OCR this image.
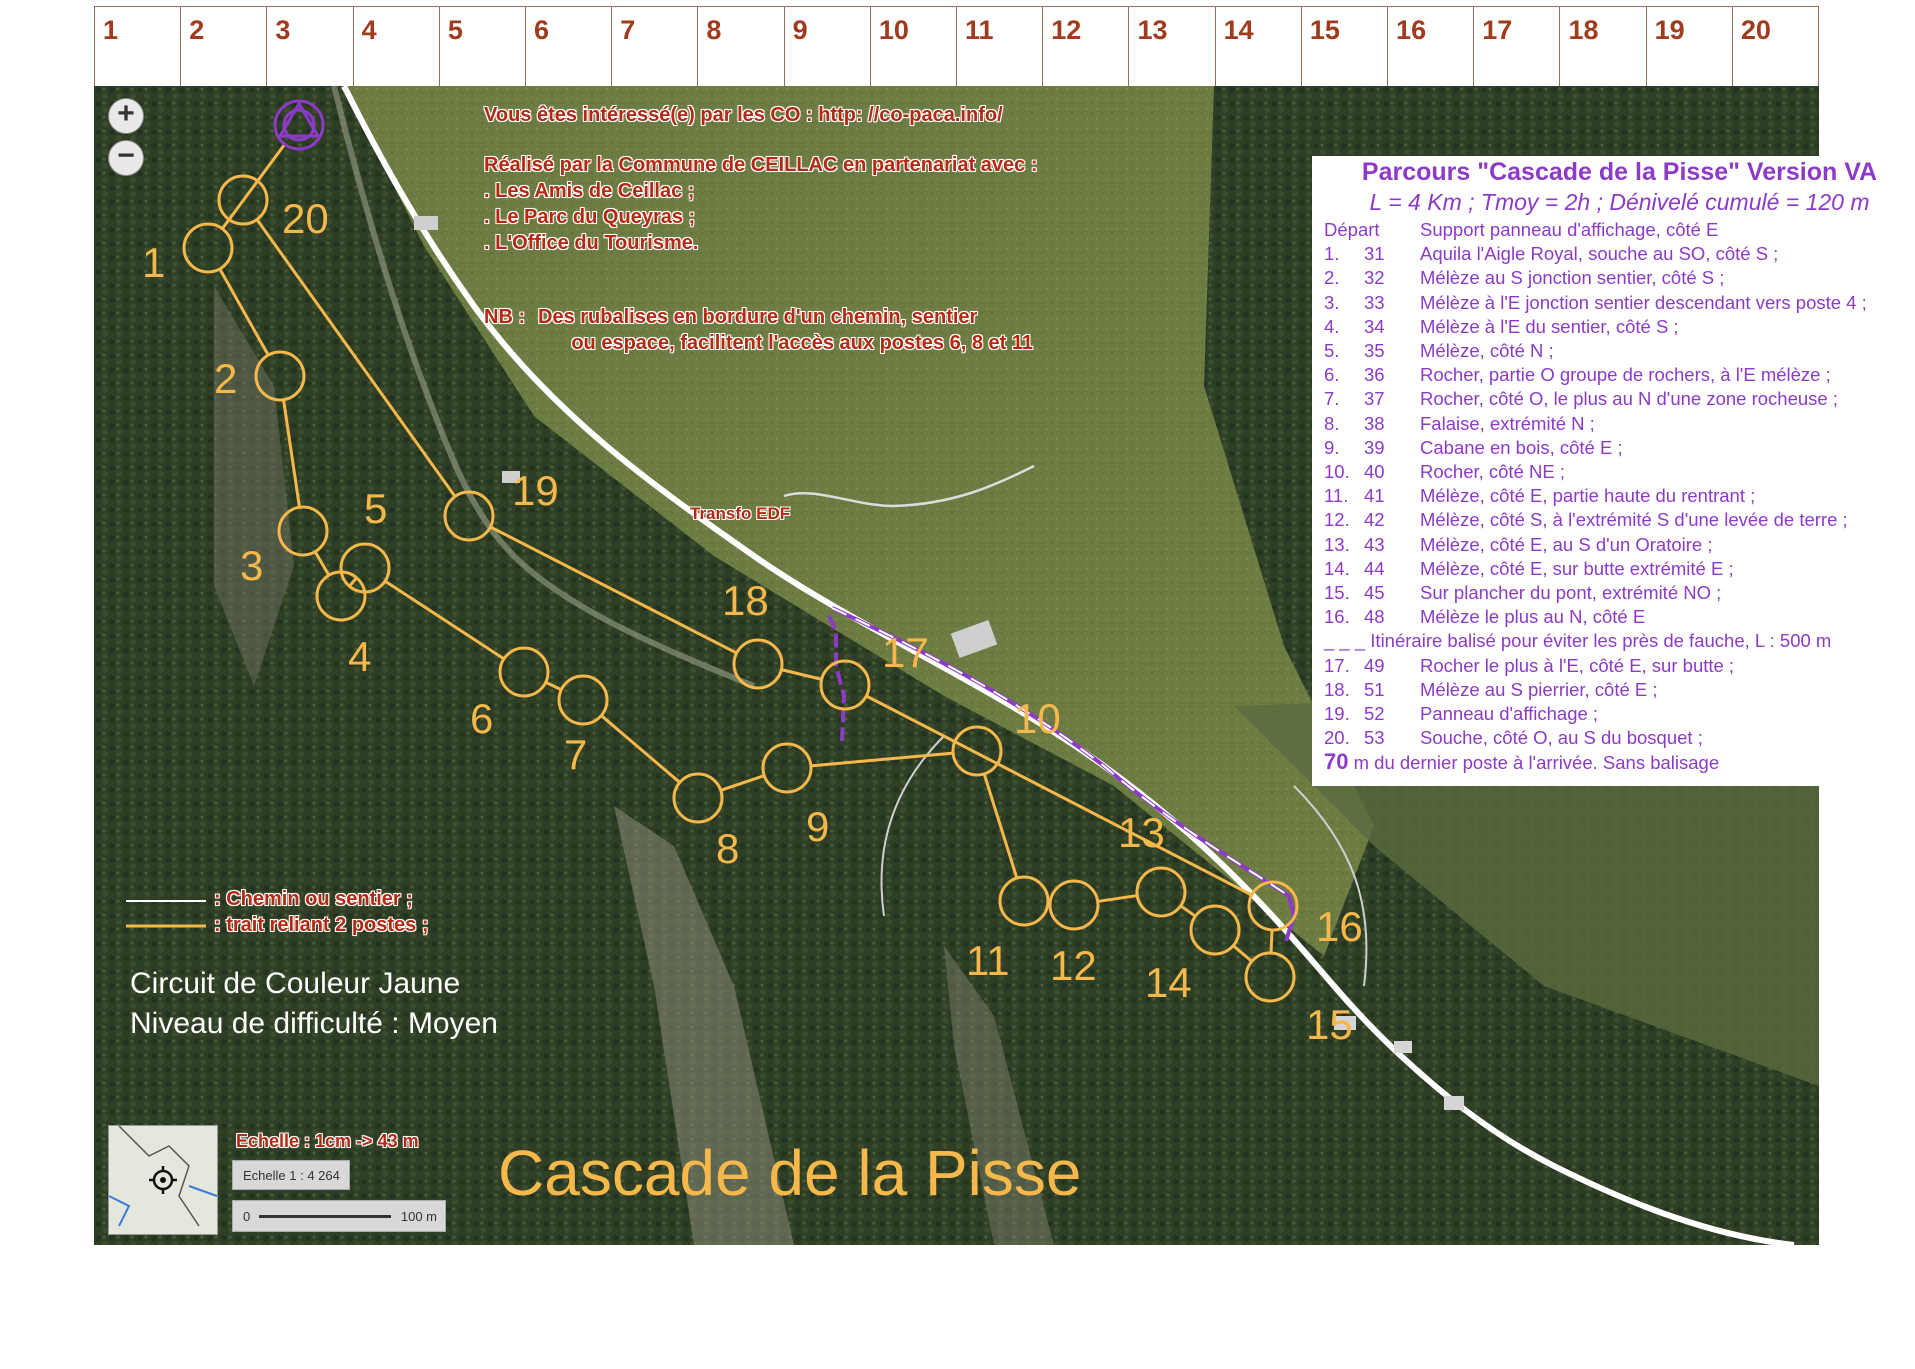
1	2	3	4	5	6	7	8	9	10 11 12 13 14 15 16 17 18 19 20
+
−
1
2
3
4
5
6
7
8 9
10
11 12
13
14
15
16
17
18
19
20
Vous êtes intéressé(e) par les CO : http: //co-paca.info/
Réalisé par la Commune de CEILLAC en partenariat avec :
. Les Amis de Ceillac ;
. Le Parc du Queyras ;
. L'Office du Tourisme.
NB : Des rubalises en bordure d'un chemin, sentier
ou espace, facilitent l'accès aux postes 6, 8 et 11
Transfo EDF
: Chemin ou sentier ;
: trait reliant 2 postes ;
Circuit de Couleur Jaune
Niveau de difficulté : Moyen
Cascade de la Pisse
Parcours "Cascade de la Pisse" Version VA
L = 4 Km ; Tmoy = 2h ; Dénivelé cumulé = 120 m
Départ	Support panneau d'affichage, côté E
1.	31	Aquila l'Aigle Royal, souche au SO, côté S ;
2.	32	Mélèze au S jonction sentier, côté S ;
3.	33	Mélèze à l'E jonction sentier descendant vers poste 4 ;
4.	34	Mélèze à l'E du sentier, côté S ;
5.	35	Mélèze, côté N ;
6.	36	Rocher, partie O groupe de rochers, à l'E mélèze ;
7.	37	Rocher, côté O, le plus au N d'une zone rocheuse ;
8.	38	Falaise, extrémité N ;
9.	39	Cabane en bois, côté E ;
10. 40	Rocher, côté NE ;
11. 41	Mélèze, côté E, partie haute du rentrant ;
12. 42	Mélèze, côté S, à l'extrémité S d'une levée de terre ;
13. 43	Mélèze, côté E, au S d'un Oratoire ;
14. 44	Mélèze, côté E, sur butte extrémité E ;
15. 45	Sur plancher du pont, extrémité NO ;
16. 48	Mélèze le plus au N, côté E
_ _ _ Itinéraire balisé pour éviter les près de fauche, L : 500 m
17. 49	Rocher le plus à l'E, côté E, sur butte ;
18. 51	Mélèze au S pierrier, côté E ;
19. 52	Panneau d'affichage ;
20. 53	Souche, côté O, au S du bosquet ;
70 m du dernier poste à l'arrivée. Sans balisage
Echelle : 1cm -> 43 m
Echelle 1 : 4 264
0	100 m
